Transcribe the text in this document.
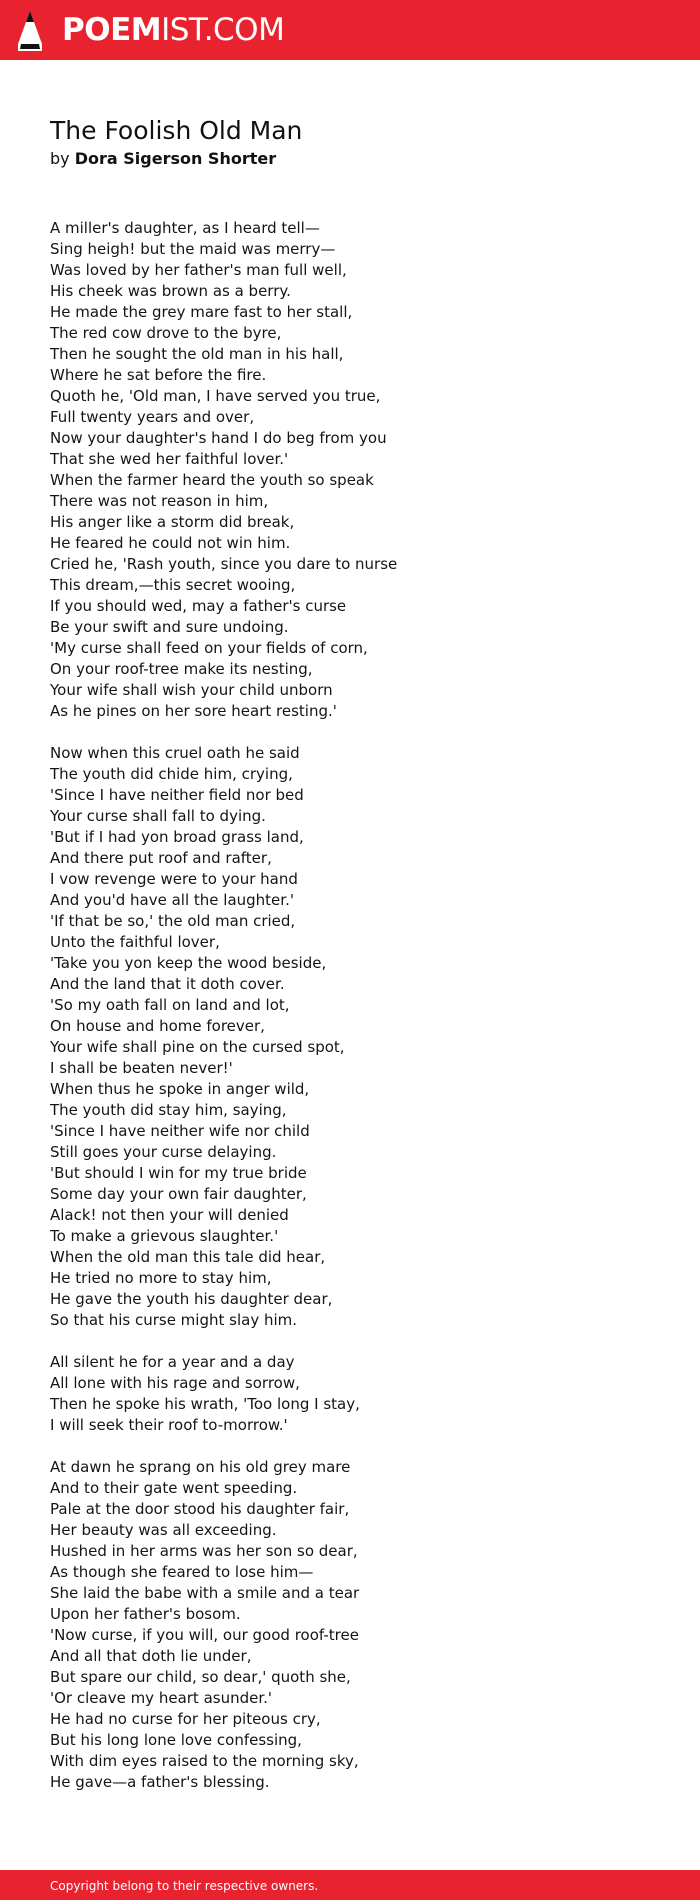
POEMIST.COM
The Foolish Old Man
by Dora Sigerson Shorter
A miller's daughter, as I heard tell—
Sing heigh! but the maid was merry—
Was loved by her father's man full well,
His cheek was brown as a berry.
He made the grey mare fast to her stall,
The red cow drove to the byre,
Then he sought the old man in his hall,
Where he sat before the fire.
Quoth he, 'Old man, I have served you true,
Full twenty years and over,
Now your daughter's hand I do beg from you
That she wed her faithful lover.'
When the farmer heard the youth so speak
There was not reason in him,
His anger like a storm did break,
He feared he could not win him.
Cried he, 'Rash youth, since you dare to nurse
This dream,—this secret wooing,
If you should wed, may a father's curse
Be your swift and sure undoing.
'My curse shall feed on your fields of corn,
On your roof-tree make its nesting,
Your wife shall wish your child unborn
As he pines on her sore heart resting.'
Now when this cruel oath he said
The youth did chide him, crying,
'Since I have neither field nor bed
Your curse shall fall to dying.
'But if I had yon broad grass land,
And there put roof and rafter,
I vow revenge were to your hand
And you'd have all the laughter.'
'If that be so,' the old man cried,
Unto the faithful lover,
'Take you yon keep the wood beside,
And the land that it doth cover.
'So my oath fall on land and lot,
On house and home forever,
Your wife shall pine on the cursed spot,
I shall be beaten never!'
When thus he spoke in anger wild,
The youth did stay him, saying,
'Since I have neither wife nor child
Still goes your curse delaying.
'But should I win for my true bride
Some day your own fair daughter,
Alack! not then your will denied
To make a grievous slaughter.'
When the old man this tale did hear,
He tried no more to stay him,
He gave the youth his daughter dear,
So that his curse might slay him.
All silent he for a year and a day
All lone with his rage and sorrow,
Then he spoke his wrath, 'Too long I stay,
I will seek their roof to-morrow.'
At dawn he sprang on his old grey mare
And to their gate went speeding.
Pale at the door stood his daughter fair,
Her beauty was all exceeding.
Hushed in her arms was her son so dear,
As though she feared to lose him—
She laid the babe with a smile and a tear
Upon her father's bosom.
'Now curse, if you will, our good roof-tree
And all that doth lie under,
But spare our child, so dear,' quoth she,
'Or cleave my heart asunder.'
He had no curse for her piteous cry,
But his long lone love confessing,
With dim eyes raised to the morning sky,
He gave—a father's blessing.
Copyright belong to their respective owners.
